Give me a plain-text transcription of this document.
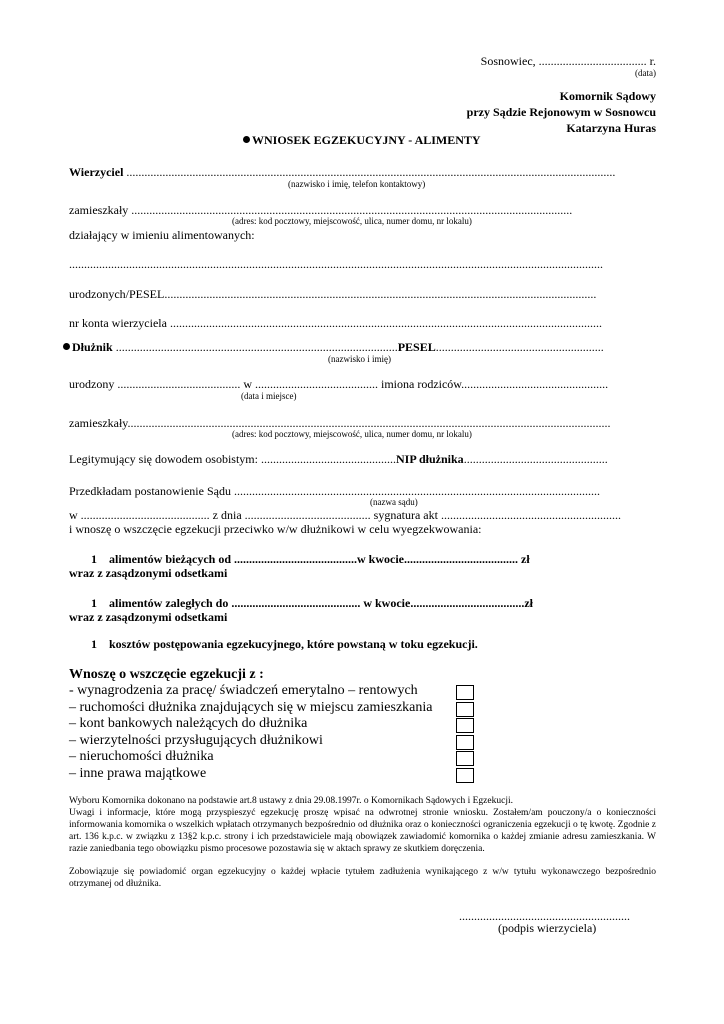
Sosnowiec, .................................... r.
(data)
Komornik Sądowy
przy Sądzie Rejonowym w Sosnowcu
Katarzyna Huras
WNIOSEK EGZEKUCYJNY - ALIMENTY
Wierzyciel ...................................................................................................................................................................
(nazwisko i imię, telefon kontaktowy)
zamieszkały ...................................................................................................................................................
(adres: kod pocztowy, miejscowość, ulica, numer domu, nr lokalu)
działający w imieniu alimentowanych:
..................................................................................................................................................................................
urodzonych/PESEL................................................................................................................................................
nr konta wierzyciela ................................................................................................................................................
Dłużnik ..............................................................................................PESEL........................................................
(nazwisko i imię)
urodzony ......................................... w ......................................... imiona rodziców.................................................
(data i miejsce)
zamieszkały.................................................................................................................................................................
(adres: kod pocztowy, miejscowość, ulica, numer domu, nr lokalu)
Legitymujący się dowodem osobistym: .............................................NIP dłużnika................................................
Przedkładam postanowienie Sądu ..........................................................................................................................
(nazwa sądu)
w ........................................... z dnia .......................................... sygnatura akt ............................................................
i wnoszę o wszczęcie egzekucji przeciwko w/w dłużnikowi w celu wyegzekwowania:
1 alimentów bieżących od .........................................w kwocie...................................... zł
wraz z zasądzonymi odsetkami
1 alimentów zaległych do ........................................... w kwocie......................................zł
wraz z zasądzonymi odsetkami
1 kosztów postępowania egzekucyjnego, które powstaną w toku egzekucji.
Wnoszę o wszczęcie egzekucji z :
- wynagrodzenia za pracę/ świadczeń emerytalno – rentowych
– ruchomości dłużnika znajdujących się w miejscu zamieszkania
– kont bankowych należących do dłużnika
– wierzytelności przysługujących dłużnikowi
– nieruchomości dłużnika
– inne prawa majątkowe
Wyboru Komornika dokonano na podstawie art.8 ustawy z dnia 29.08.1997r. o Komornikach Sądowych i Egzekucji.
Uwagi i informacje, które mogą przyspieszyć egzekucję proszę wpisać na odwrotnej stronie wniosku. Zostałem/am pouczony/a o konieczności informowania komornika o wszelkich wpłatach otrzymanych bezpośrednio od dłużnika oraz o konieczności ograniczenia egzekucji o tę kwotę. Zgodnie z art. 136 k.p.c. w związku z 13§2 k.p.c. strony i ich przedstawiciele mają obowiązek zawiadomić komornika o każdej zmianie adresu zamieszkania. W razie zaniedbania tego obowiązku pismo procesowe pozostawia się w aktach sprawy ze skutkiem doręczenia.
Zobowiązuje się powiadomić organ egzekucyjny o każdej wpłacie tytułem zadłużenia wynikającego z w/w tytułu wykonawczego bezpośrednio otrzymanej od dłużnika.
.........................................................
(podpis wierzyciela)
